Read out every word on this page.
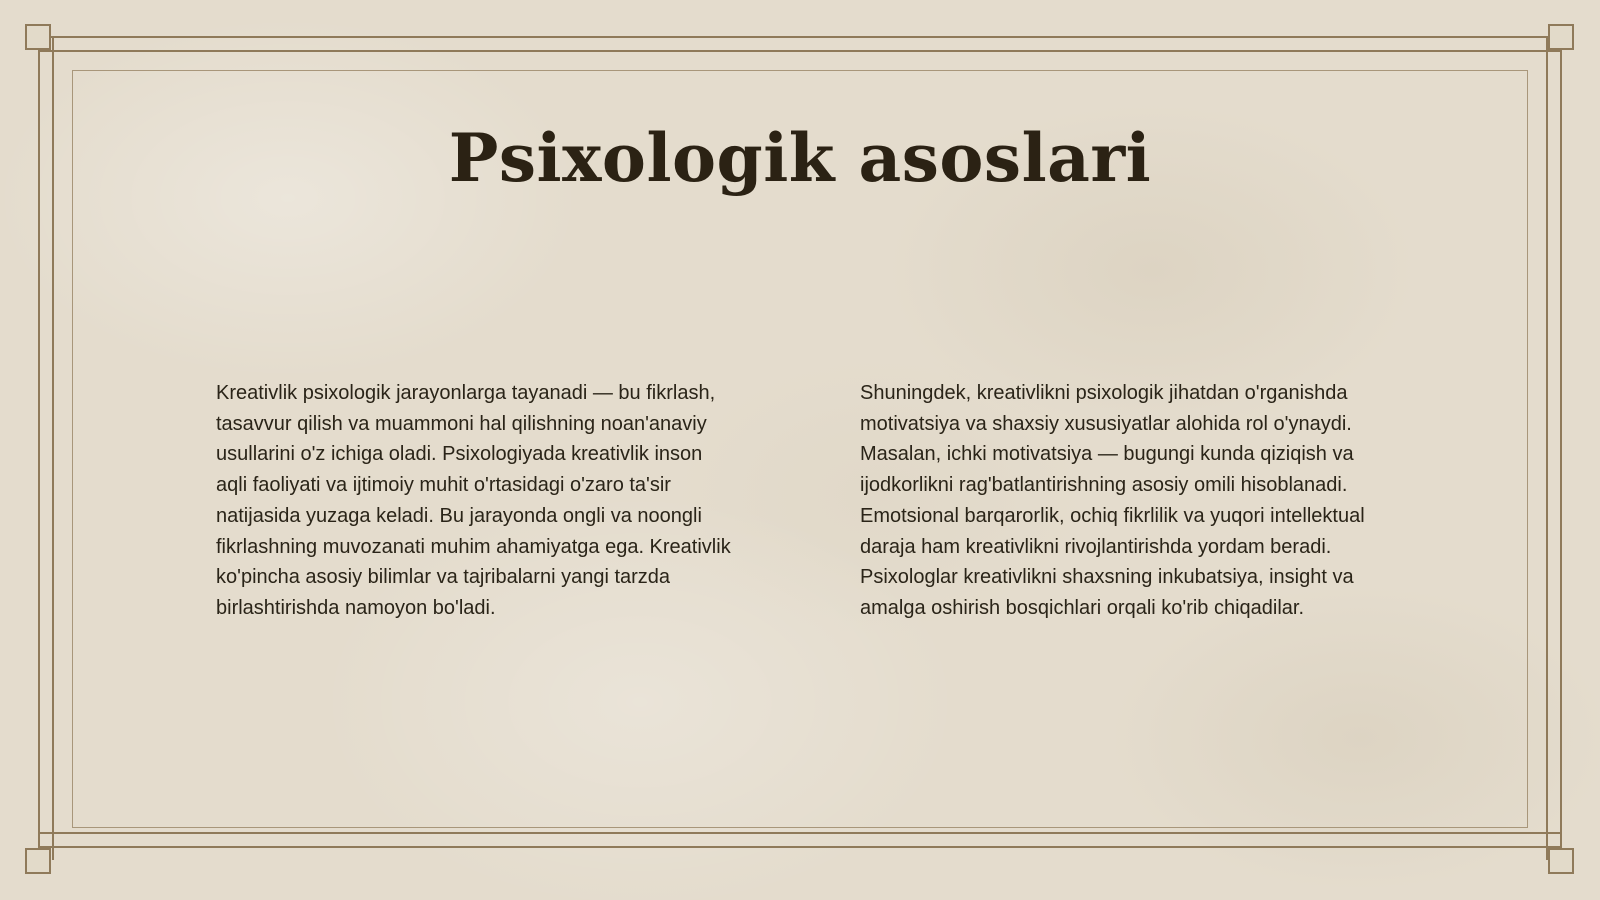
Psixologik asoslari

Kreativlik psixologik jarayonlarga tayanadi — bu fikrlash, tasavvur qilish va muammoni hal qilishning noan'anaviy usullarini o'z ichiga oladi. Psixologiyada kreativlik inson aqli faoliyati va ijtimoiy muhit o'rtasidagi o'zaro ta'sir natijasida yuzaga keladi. Bu jarayonda ongli va noongli fikrlashning muvozanati muhim ahamiyatga ega. Kreativlik ko'pincha asosiy bilimlar va tajribalarni yangi tarzda birlashtirishda namoyon bo'ladi.

Shuningdek, kreativlikni psixologik jihatdan o'rganishda motivatsiya va shaxsiy xususiyatlar alohida rol o'ynaydi. Masalan, ichki motivatsiya — bugungi kunda qiziqish va ijodkorlikni rag'batlantirishning asosiy omili hisoblanadi. Emotsional barqarorlik, ochiq fikrlilik va yuqori intellektual daraja ham kreativlikni rivojlantirishda yordam beradi. Psixologlar kreativlikni shaxsning inkubatsiya, insight va amalga oshirish bosqichlari orqali ko'rib chiqadilar.
